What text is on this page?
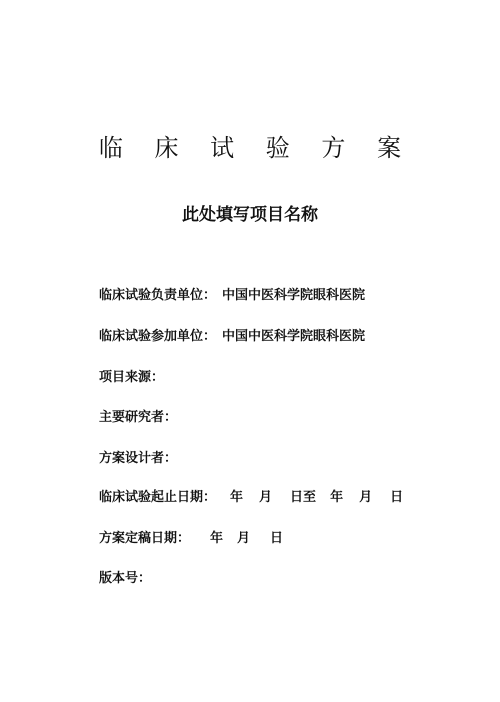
临 床 试 验 方 案
此处填写项目名称
临床试验负责单位： 中国中医科学院眼科医院
临床试验参加单位： 中国中医科学院眼科医院
项目来源：
主要研究者：
方案设计者：
临床试验起止日期： 年 月 日至 年 月 日
方案定稿日期： 年 月 日
版本号：
